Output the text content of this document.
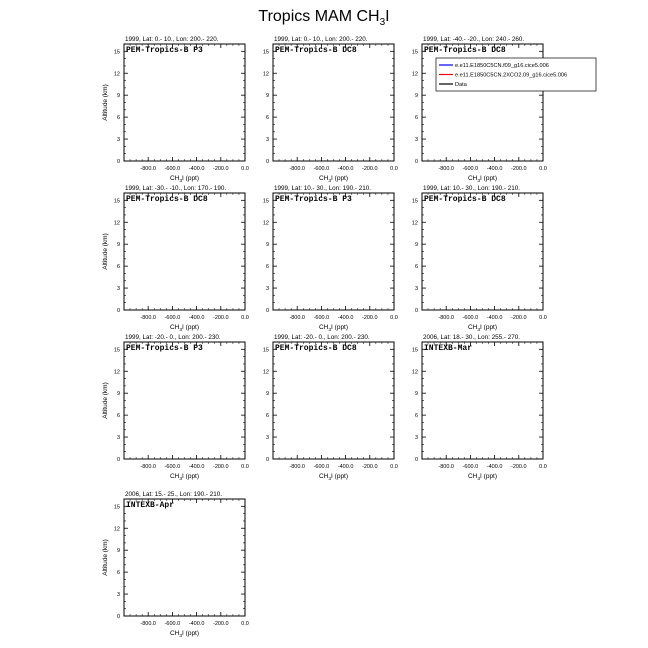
Tropics MAM $CH_3I$
1999, Lat: 0.- 10., Lon: 200.- 220.
PEM-Tropics-B P3
0
3
6
9
12
15
-800.0 -600.0 -400.0 -200.0 0.0
$CH_3I$ (ppt)
Altitude (km)
1999, Lat: 0.- 10., Lon: 200.- 220.
PEM-Tropics-B DC8
0
3
6
9
12
15
-800.0 -600.0 -400.0 -200.0 0.0
$CH_3I$ (ppt)
1999, Lat: -40.- -20., Lon: 240.- 260.
PEM-Tropics-B DC8
0
3
6
9
12
15
-800.0 -600.0 -400.0 -200.0 0.0
$CH_3I$ (ppt)
e.e11.E1850C5CN.f09_g16.cice5.006
e.e11.E1850C5CN.2XCO2.09_g16.cice5.006
Data
1999, Lat: -30.- -10., Lon: 170.- 190.
PEM-Tropics-B DC8
0
3
6
9
12
15
-800.0 -600.0 -400.0 -200.0 0.0
$CH_3I$ (ppt)
Altitude (km)
1999, Lat: 10.- 30., Lon: 190.- 210.
PEM-Tropics-B P3
0
3
6
9
12
15
-800.0 -600.0 -400.0 -200.0 0.0
$CH_3I$ (ppt)
1999, Lat: 10.- 30., Lon: 190.- 210.
PEM-Tropics-B DC8
0
3
6
9
12
15
-800.0 -600.0 -400.0 -200.0 0.0
$CH_3I$ (ppt)
1999, Lat: -20.- 0., Lon: 200.- 230.
PEM-Tropics-B P3
0
3
6
9
12
15
-800.0 -600.0 -400.0 -200.0 0.0
$CH_3I$ (ppt)
Altitude (km)
1999, Lat: -20.- 0., Lon: 200.- 230.
PEM-Tropics-B DC8
0
3
6
9
12
15
-800.0 -600.0 -400.0 -200.0 0.0
$CH_3I$ (ppt)
2006, Lat: 18.- 30., Lon: 255.- 270.
INTEXB-Mar
0
3
6
9
12
15
-800.0 -600.0 -400.0 -200.0 0.0
$CH_3I$ (ppt)
2006, Lat: 15.- 25., Lon: 190.- 210.
INTEXB-Apr
0
3
6
9
12
15
-800.0 -600.0 -400.0 -200.0 0.0
$CH_3I$ (ppt)
Altitude (km)
